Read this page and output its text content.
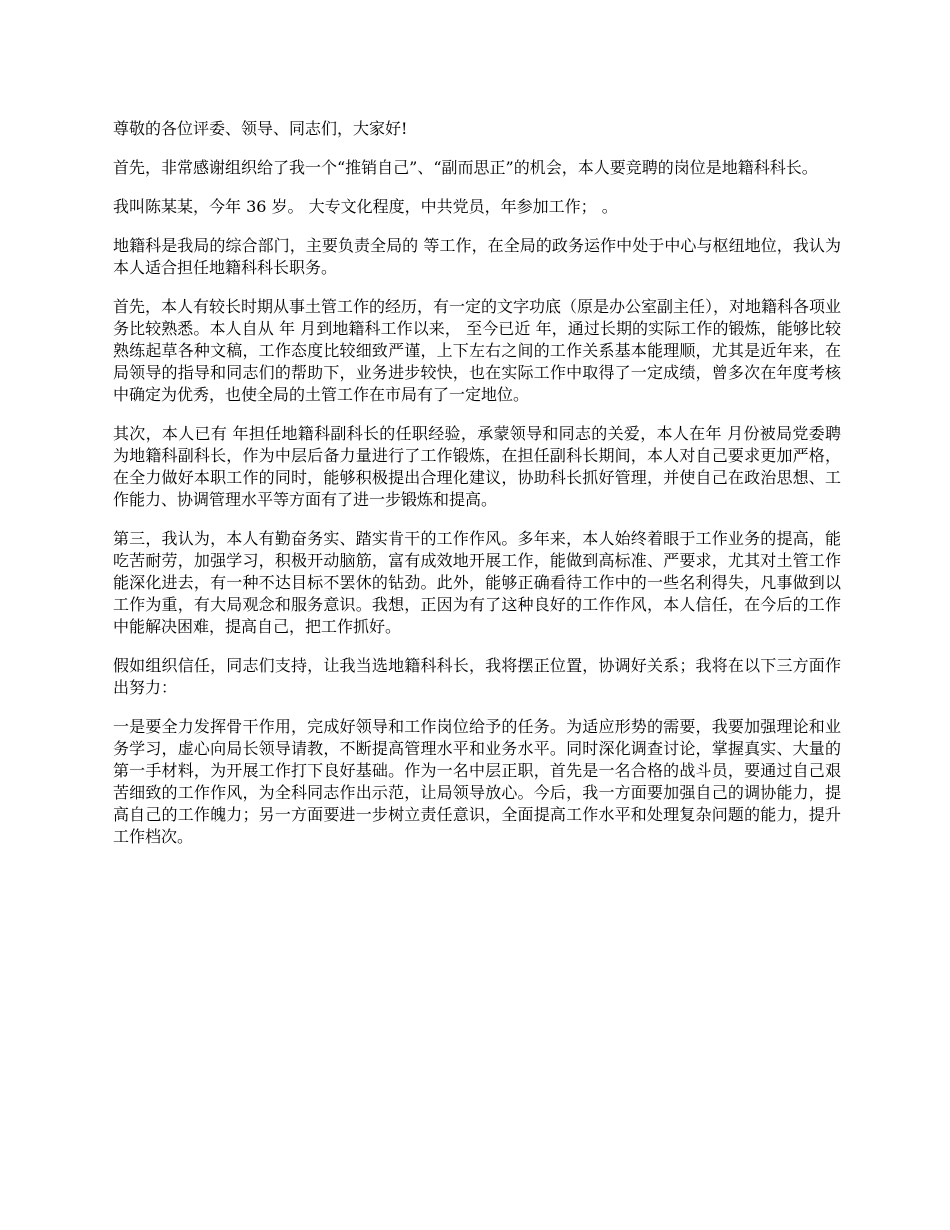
尊敬的各位评委、领导、同志们，大家好!

首先，非常感谢组织给了我一个“推销自己”、“副而思正”的机会，本人要竞聘的岗位是地籍科科长。

我叫陈某某，今年 36 岁。 大专文化程度，中共党员，年参加工作； 。

地籍科是我局的综合部门，主要负责全局的 等工作，在全局的政务运作中处于中心与枢纽地位，我认为本人适合担任地籍科科长职务。

首先，本人有较长时期从事土管工作的经历，有一定的文字功底（原是办公室副主任），对地籍科各项业务比较熟悉。本人自从 年 月到地籍科工作以来， 至今已近 年，通过长期的实际工作的锻炼，能够比较熟练起草各种文稿，工作态度比较细致严谨，上下左右之间的工作关系基本能理顺，尤其是近年来，在局领导的指导和同志们的帮助下，业务进步较快，也在实际工作中取得了一定成绩，曾多次在年度考核中确定为优秀，也使全局的土管工作在市局有了一定地位。

其次，本人已有 年担任地籍科副科长的任职经验，承蒙领导和同志的关爱，本人在年 月份被局党委聘为地籍科副科长，作为中层后备力量进行了工作锻炼，在担任副科长期间，本人对自己要求更加严格，在全力做好本职工作的同时，能够积极提出合理化建议，协助科长抓好管理，并使自己在政治思想、工作能力、协调管理水平等方面有了进一步锻炼和提高。

第三，我认为，本人有勤奋务实、踏实肯干的工作作风。多年来，本人始终着眼于工作业务的提高，能吃苦耐劳，加强学习，积极开动脑筋，富有成效地开展工作，能做到高标准、严要求，尤其对土管工作能深化进去，有一种不达目标不罢休的钻劲。此外，能够正确看待工作中的一些名利得失，凡事做到以工作为重，有大局观念和服务意识。我想，正因为有了这种良好的工作作风，本人信任，在今后的工作中能解决困难，提高自己，把工作抓好。

假如组织信任，同志们支持，让我当选地籍科科长，我将摆正位置，协调好关系；我将在以下三方面作出努力：

一是要全力发挥骨干作用，完成好领导和工作岗位给予的任务。为适应形势的需要，我要加强理论和业务学习，虚心向局长领导请教，不断提高管理水平和业务水平。同时深化调查讨论，掌握真实、大量的第一手材料，为开展工作打下良好基础。作为一名中层正职，首先是一名合格的战斗员，要通过自己艰苦细致的工作作风，为全科同志作出示范，让局领导放心。今后，我一方面要加强自己的调协能力，提高自己的工作魄力；另一方面要进一步树立责任意识，全面提高工作水平和处理复杂问题的能力，提升工作档次。
